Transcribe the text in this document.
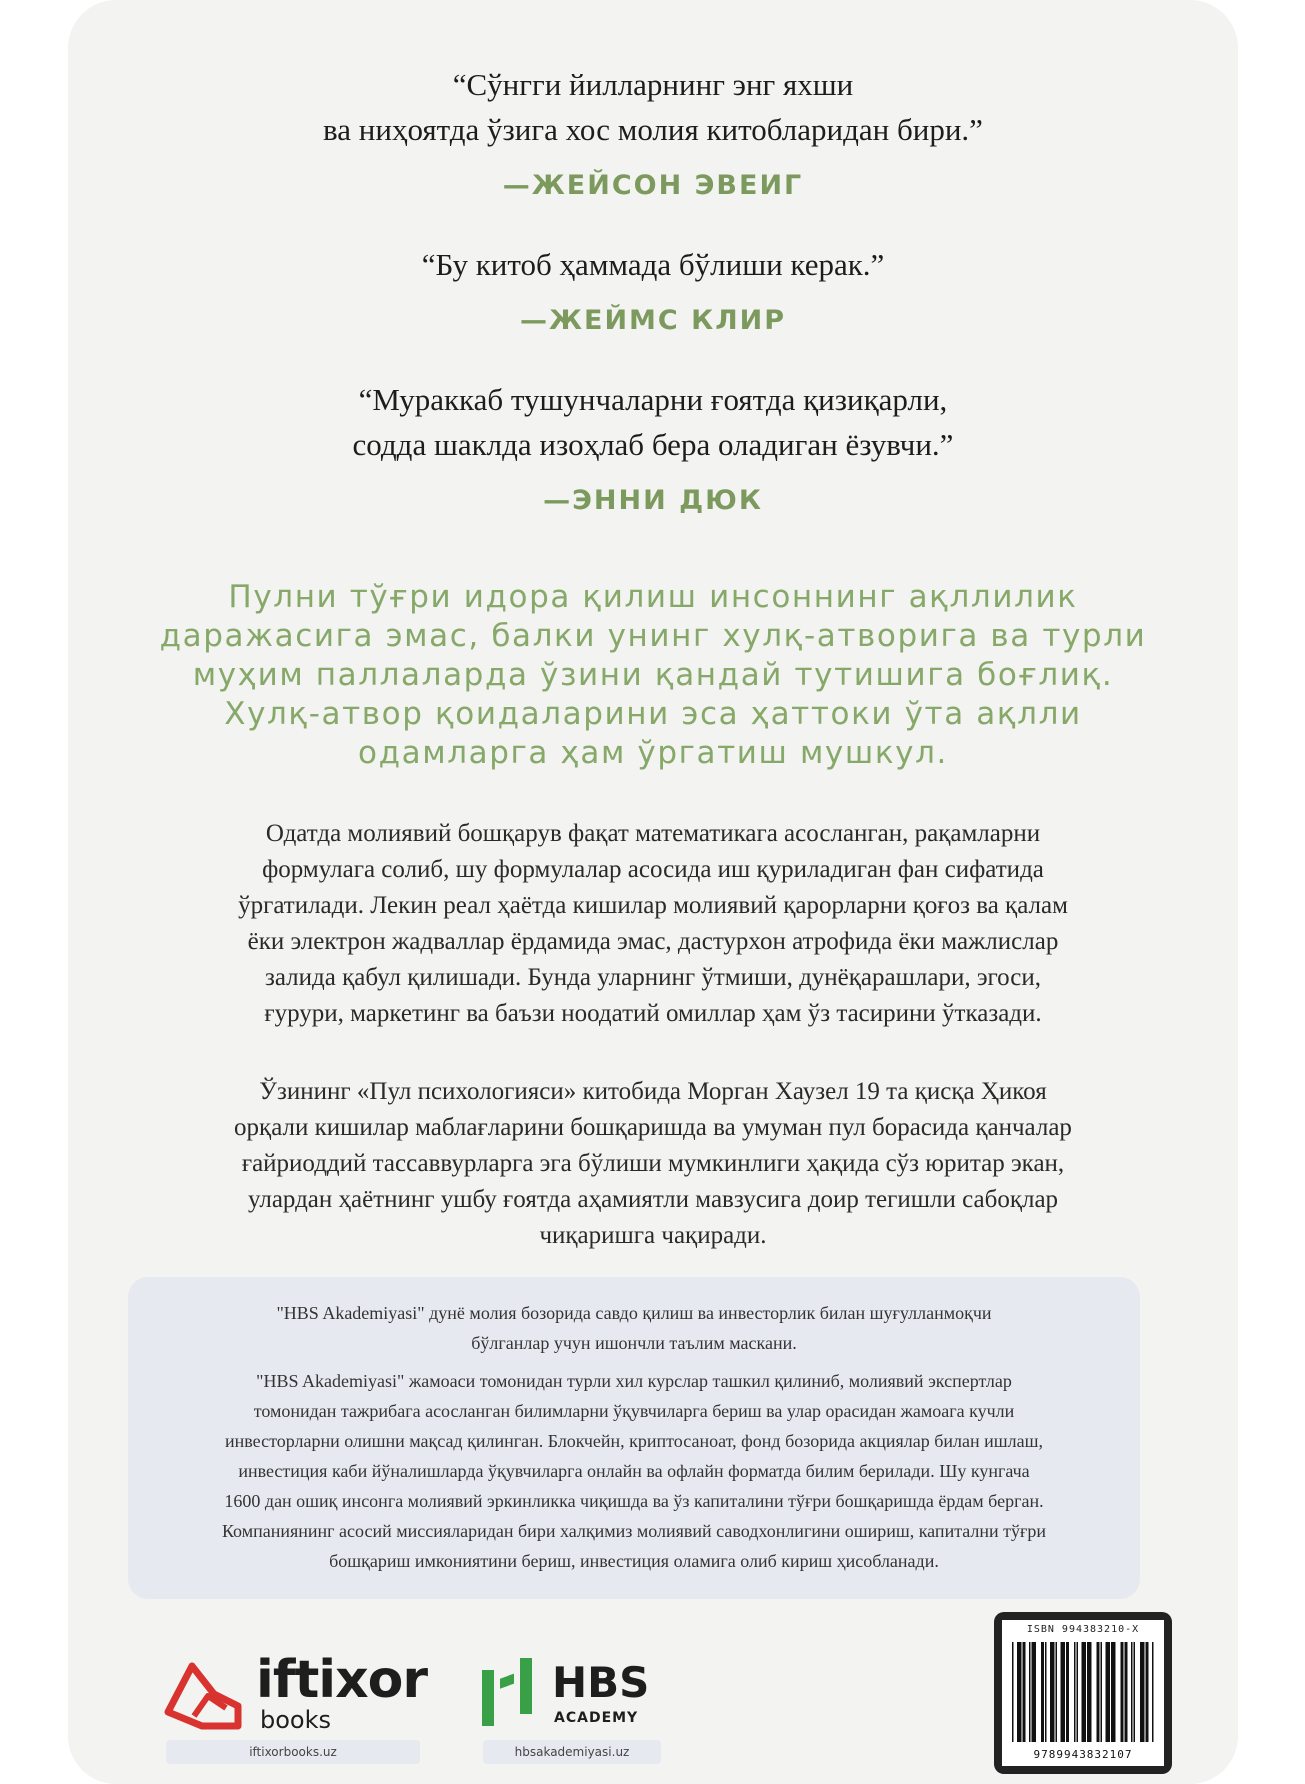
“Сўнгги йилларнинг энг яхши
ва ниҳоятда ўзига хос молия китобларидан бири.”
—ЖЕЙСОН ЭВЕИГ
“Бу китоб ҳаммада бўлиши керак.”
—ЖЕЙМС КЛИР
“Мураккаб тушунчаларни ғоятда қизиқарли,
содда шаклда изоҳлаб бера оладиган ёзувчи.”
—ЭННИ ДЮК
Пулни тўғри идора қилиш инсоннинг ақллилик
даражасига эмас, балки унинг хулқ-атворига ва турли
муҳим паллаларда ўзини қандай тутишига боғлиқ.
Хулқ-атвор қоидаларини эса ҳаттоки ўта ақлли
одамларга ҳам ўргатиш мушкул.
Одатда молиявий бошқарув фақат математикага асосланган, рақамларни
формулага солиб, шу формулалар асосида иш қуриладиган фан сифатида
ўргатилади. Лекин реал ҳаётда кишилар молиявий қарорларни қоғоз ва қалам
ёки электрон жадваллар ёрдамида эмас, дастурхон атрофида ёки мажлислар
залида қабул қилишади. Бунда уларнинг ўтмиши, дунёқарашлари, эгоси,
ғурури, маркетинг ва баъзи ноодатий омиллар ҳам ўз тасирини ўтказади.
Ўзининг «Пул психологияси» китобида Морган Хаузел 19 та қисқа Ҳикоя
орқали кишилар маблағларини бошқаришда ва умуман пул борасида қанчалар
ғайриоддий тассаввурларга эга бўлиши мумкинлиги ҳақида сўз юритар экан,
улардан ҳаётнинг ушбу ғоятда аҳамиятли мавзусига доир тегишли сабоқлар
чиқаришга чақиради.
"HBS Akademiyasi" дунё молия бозорида савдо қилиш ва инвесторлик билан шуғулланмоқчи
бўлганлар учун ишончли таълим маскани.
"HBS Akademiyasi" жамоаси томонидан турли хил курслар ташкил қилиниб, молиявий экспертлар
томонидан тажрибага асосланган билимларни ўқувчиларга бериш ва улар орасидан жамоага кучли
инвесторларни олишни мақсад қилинган. Блокчейн, криптосаноат, фонд бозорида акциялар билан ишлаш,
инвестиция каби йўналишларда ўқувчиларга онлайн ва офлайн форматда билим берилади. Шу кунгача
1600 дан ошиқ инсонга молиявий эркинликка чиқишда ва ўз капиталини тўғри бошқаришда ёрдам берган.
Компаниянинг асосий миссияларидан бири халқимиз молиявий саводхонлигини ошириш, капитални тўғри
бошқариш имкониятини бериш, инвестиция оламига олиб кириш ҳисобланади.
iftixor
books
iftixorbooks.uz
HBS
ACADEMY
hbsakademiyasi.uz
ISBN 994383210-X
9789943832107
